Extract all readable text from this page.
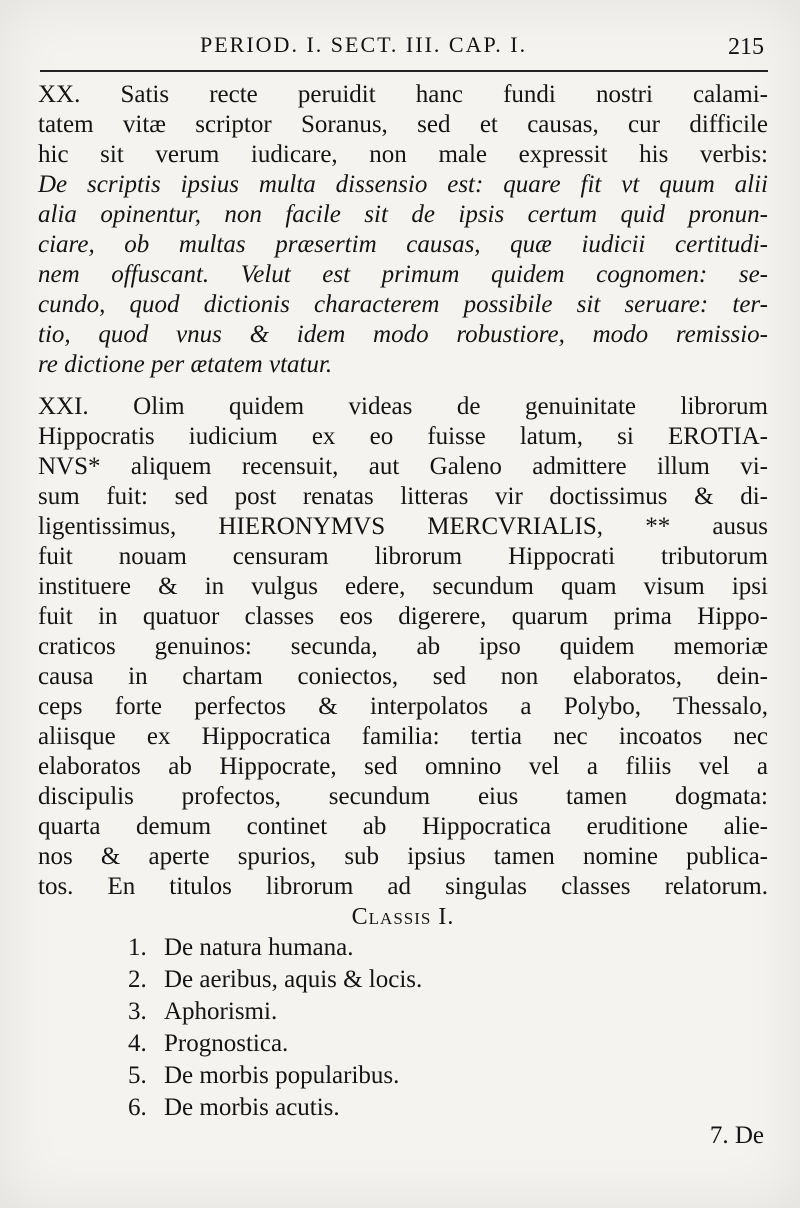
PERIOD. I. SECT. III. CAP. I.	215
XX. Satis recte peruidit hanc fundi nostri calami-
tatem vitæ scriptor Soranus, sed et causas, cur difficile
hic sit verum iudicare, non male expressit his verbis:
De scriptis ipsius multa dissensio est: quare fit vt quum alii
alia opinentur, non facile sit de ipsis certum quid pronun-
ciare, ob multas præsertim causas, quæ iudicii certitudi-
nem offuscant. Velut est primum quidem cognomen: se-
cundo, quod dictionis characterem possibile sit seruare: ter-
tio, quod vnus & idem modo robustiore, modo remissio-
re dictione per ætatem vtatur.
XXI. Olim quidem videas de genuinitate librorum
Hippocratis iudicium ex eo fuisse latum, si EROTIA-
NVS* aliquem recensuit, aut Galeno admittere illum vi-
sum fuit: sed post renatas litteras vir doctissimus & di-
ligentissimus, HIERONYMVS MERCVRIALIS, ** ausus
fuit nouam censuram librorum Hippocrati tributorum
instituere & in vulgus edere, secundum quam visum ipsi
fuit in quatuor classes eos digerere, quarum prima Hippo-
craticos genuinos: secunda, ab ipso quidem memoriæ
causa in chartam coniectos, sed non elaboratos, dein-
ceps forte perfectos & interpolatos a Polybo, Thessalo,
aliisque ex Hippocratica familia: tertia nec incoatos nec
elaboratos ab Hippocrate, sed omnino vel a filiis vel a
discipulis profectos, secundum eius tamen dogmata:
quarta demum continet ab Hippocratica eruditione alie-
nos & aperte spurios, sub ipsius tamen nomine publica-
tos. En titulos librorum ad singulas classes relatorum.
Classis I.
1. De natura humana.
2. De aeribus, aquis & locis.
3. Aphorismi.
4. Prognostica.
5. De morbis popularibus.
6. De morbis acutis.
7. De
